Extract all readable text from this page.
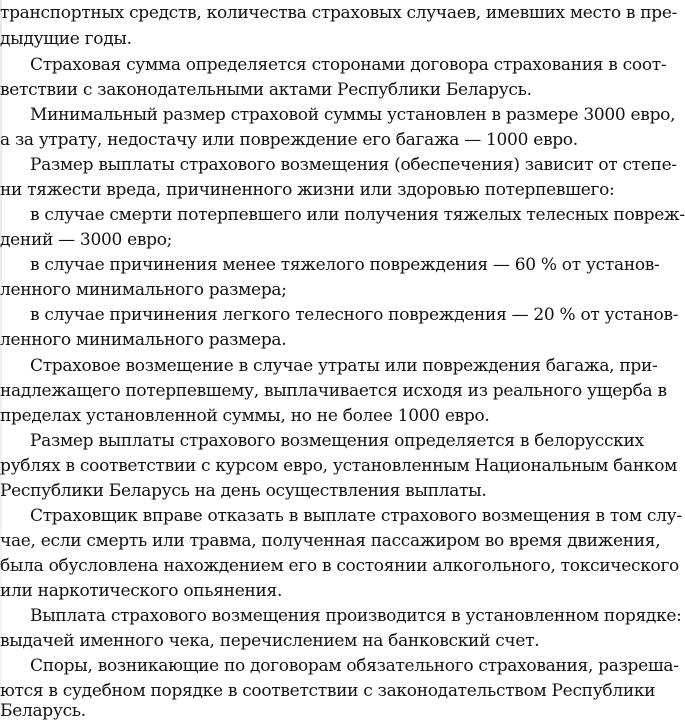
транспортных средств, количества страховых случаев, имевших место в пре-
дыдущие годы.
Страховая сумма определяется сторонами договора страхования в соот-
ветствии с законодательными актами Республики Беларусь.
Минимальный размер страховой суммы установлен в размере 3000 евро,
а за утрату, недостачу или повреждение его багажа — 1000 евро.
Размер выплаты страхового возмещения (обеспечения) зависит от степе-
ни тяжести вреда, причиненного жизни или здоровью потерпевшего:
в случае смерти потерпевшего или получения тяжелых телесных повреж-
дений — 3000 евро;
в случае причинения менее тяжелого повреждения — 60 % от установ-
ленного минимального размера;
в случае причинения легкого телесного повреждения — 20 % от установ-
ленного минимального размера.
Страховое возмещение в случае утраты или повреждения багажа, при-
надлежащего потерпевшему, выплачивается исходя из реального ущерба в
пределах установленной суммы, но не более 1000 евро.
Размер выплаты страхового возмещения определяется в белорусских
рублях в соответствии с курсом евро, установленным Национальным банком
Республики Беларусь на день осуществления выплаты.
Страховщик вправе отказать в выплате страхового возмещения в том слу-
чае, если смерть или травма, полученная пассажиром во время движения,
была обусловлена нахождением его в состоянии алкогольного, токсического
или наркотического опьянения.
Выплата страхового возмещения производится в установленном порядке:
выдачей именного чека, перечислением на банковский счет.
Споры, возникающие по договорам обязательного страхования, разреша-
ются в судебном порядке в соответствии с законодательством Республики
Беларусь.
